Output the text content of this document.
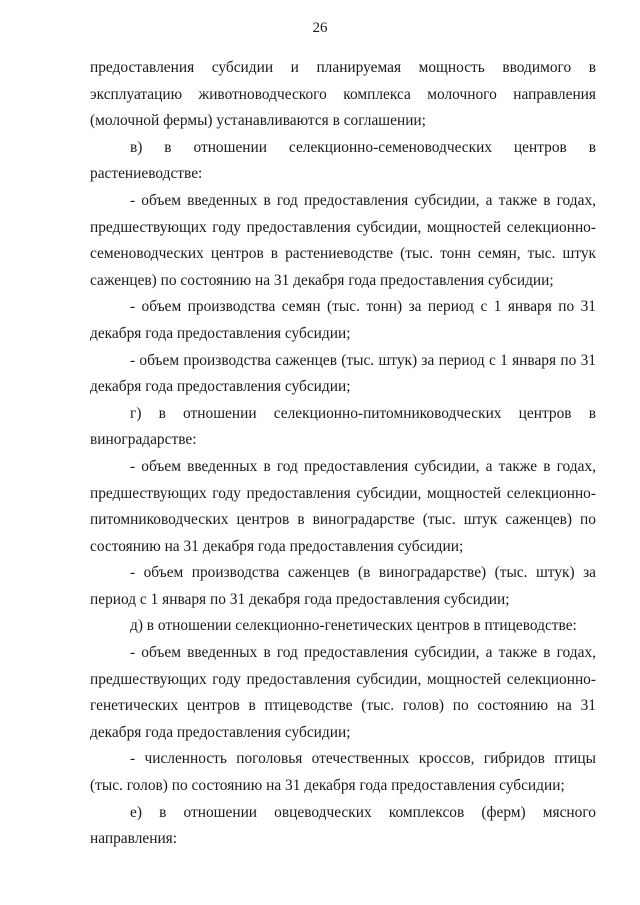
26

предоставления субсидии и планируемая мощность вводимого в эксплуатацию животноводческого комплекса молочного направления (молочной фермы) устанавливаются в соглашении;

в) в отношении селекционно-семеноводческих центров в растениеводстве:

- объем введенных в год предоставления субсидии, а также в годах, предшествующих году предоставления субсидии, мощностей селекционно-семеноводческих центров в растениеводстве (тыс. тонн семян, тыс. штук саженцев) по состоянию на 31 декабря года предоставления субсидии;

- объем производства семян (тыс. тонн) за период с 1 января по 31 декабря года предоставления субсидии;

- объем производства саженцев (тыс. штук) за период с 1 января по 31 декабря года предоставления субсидии;

г) в отношении селекционно-питомниководческих центров в виноградарстве:

- объем введенных в год предоставления субсидии, а также в годах, предшествующих году предоставления субсидии, мощностей селекционно-питомниководческих центров в виноградарстве (тыс. штук саженцев) по состоянию на 31 декабря года предоставления субсидии;

- объем производства саженцев (в виноградарстве) (тыс. штук) за период с 1 января по 31 декабря года предоставления субсидии;

д) в отношении селекционно-генетических центров в птицеводстве:

- объем введенных в год предоставления субсидии, а также в годах, предшествующих году предоставления субсидии, мощностей селекционно-генетических центров в птицеводстве (тыс. голов) по состоянию на 31 декабря года предоставления субсидии;

- численность поголовья отечественных кроссов, гибридов птицы (тыс. голов) по состоянию на 31 декабря года предоставления субсидии;

е) в отношении овцеводческих комплексов (ферм) мясного направления:
